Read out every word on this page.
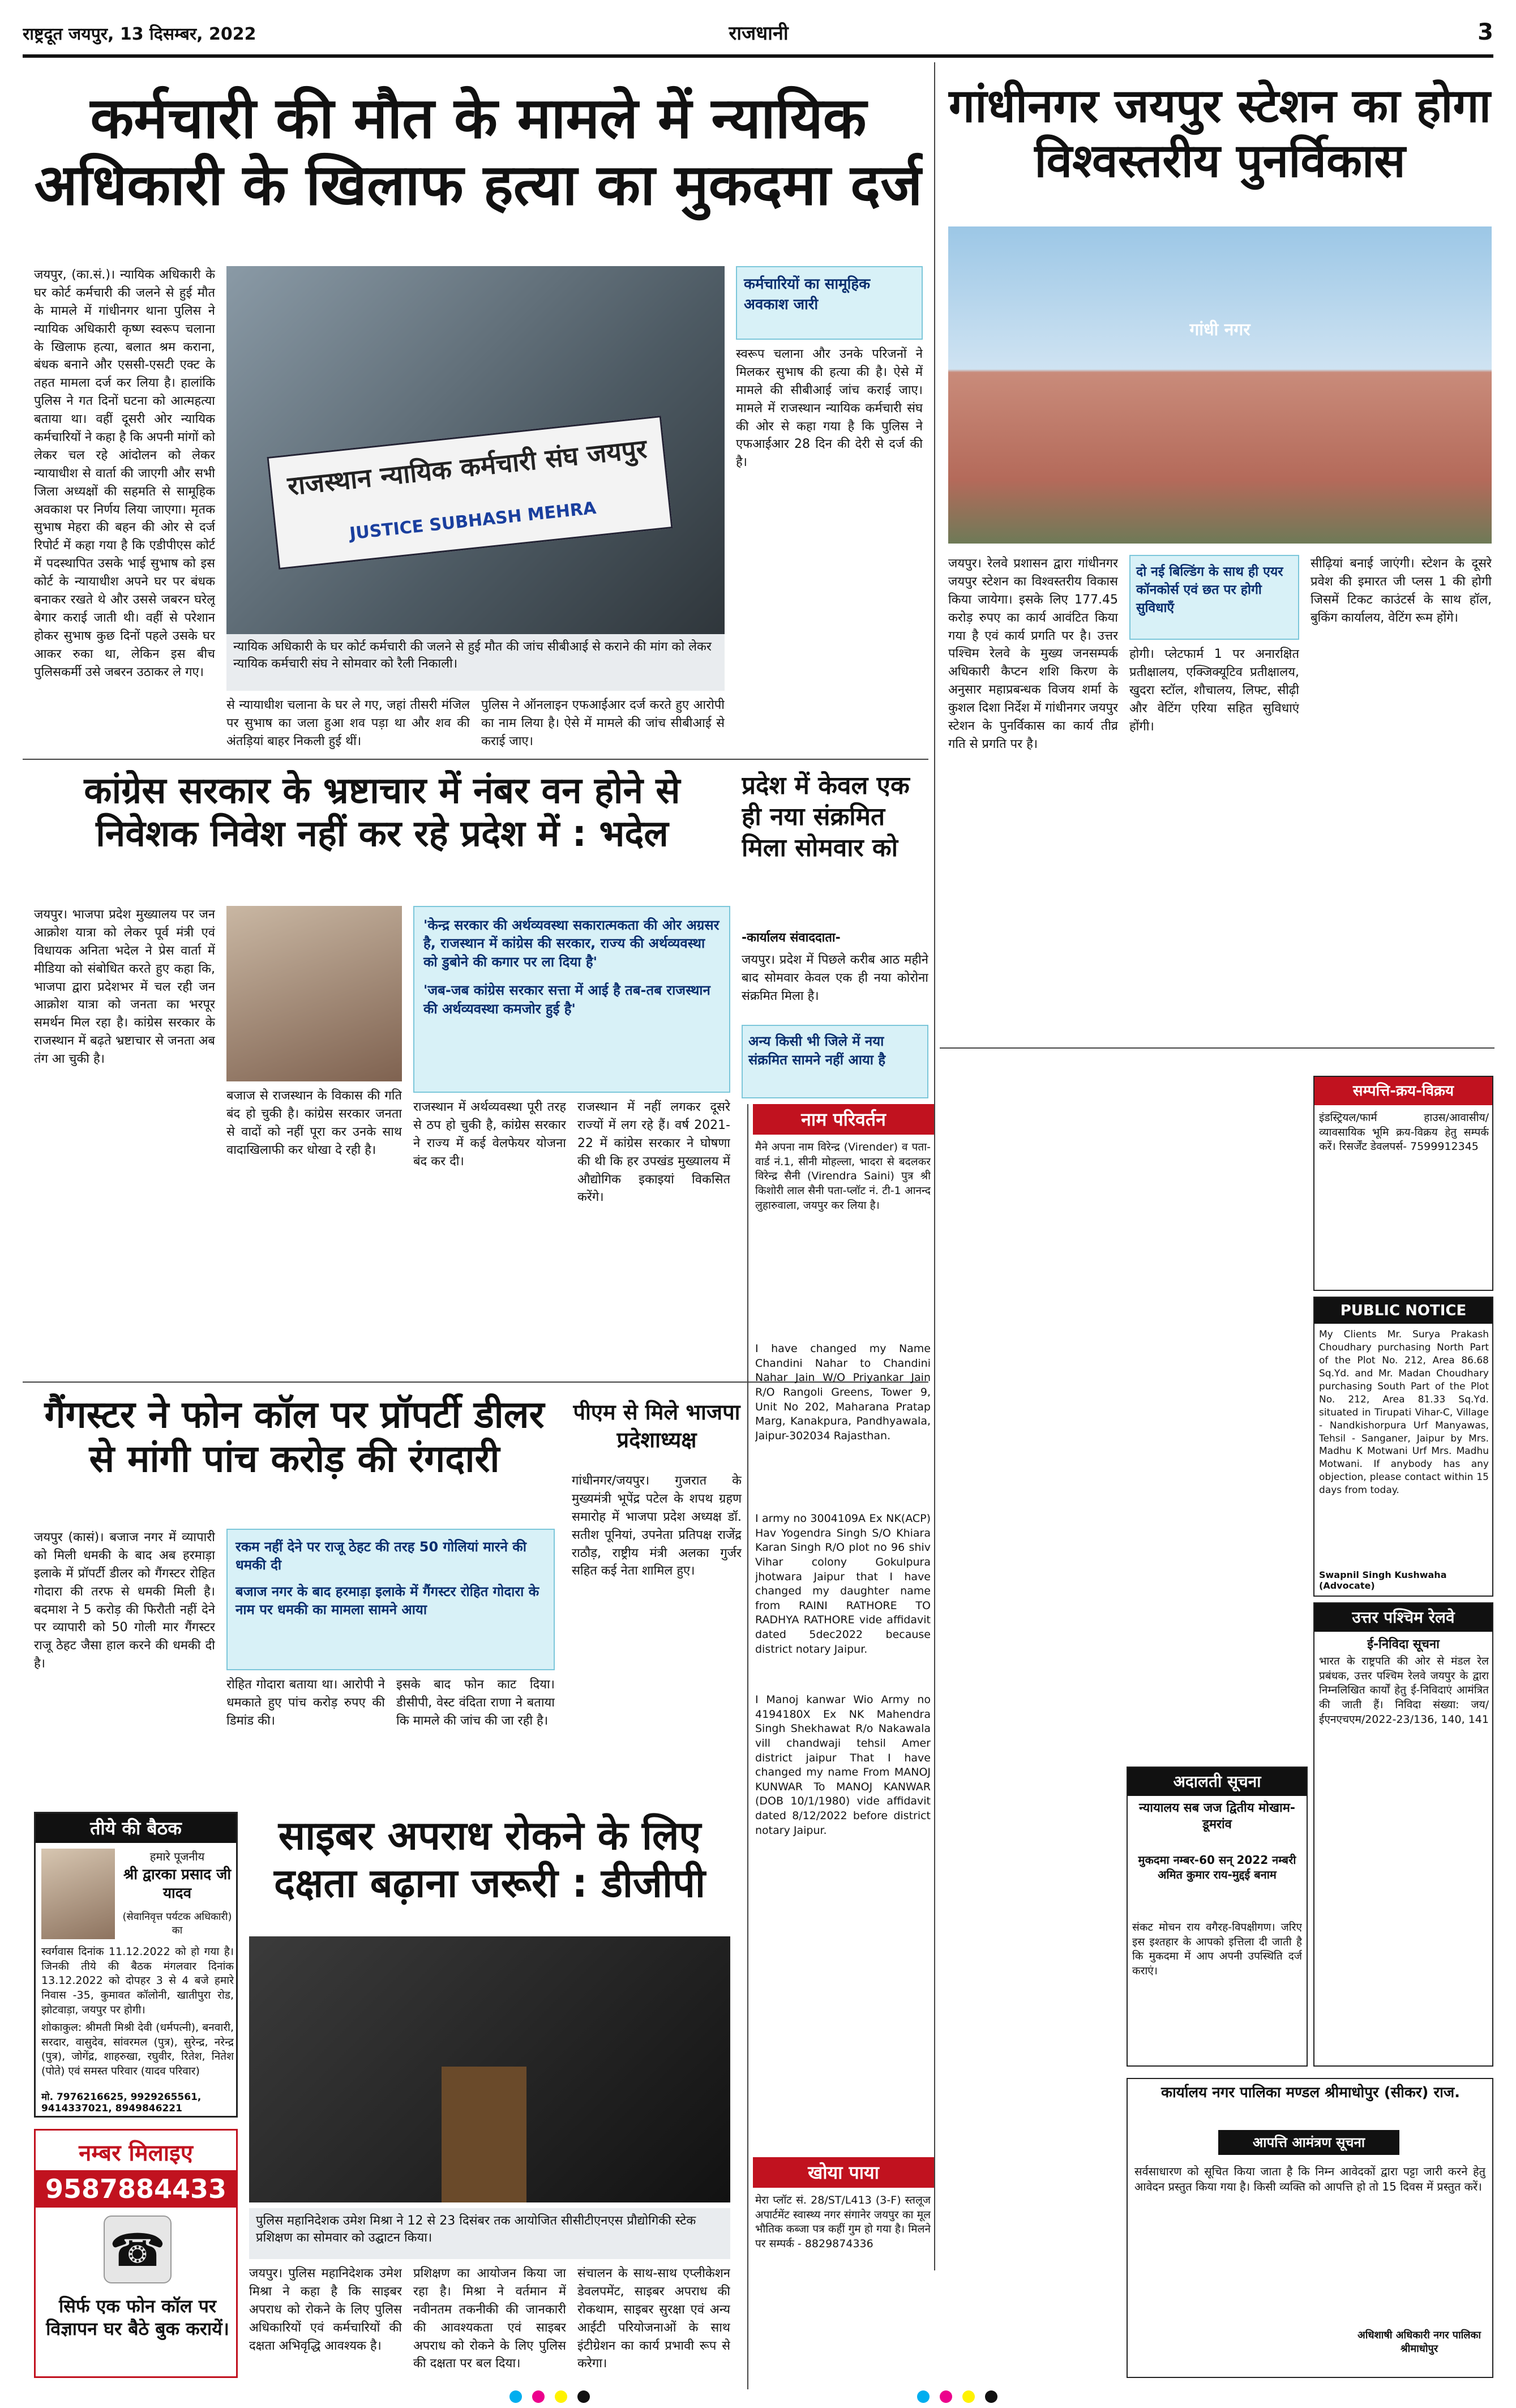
राष्ट्रदूत जयपुर, 13 दिसम्बर, 2022	राजधानी	3
कर्मचारी की मौत के मामले में न्यायिक अधिकारी के खिलाफ हत्या का मुकदमा दर्ज
जयपुर, (का.सं.)। न्यायिक अधिकारी के घर कोर्ट कर्मचारी की जलने से हुई मौत के मामले में गांधीनगर थाना पुलिस ने न्यायिक अधिकारी कृष्ण स्वरूप चलाना के खिलाफ हत्या, बलात श्रम कराना, बंधक बनाने और एससी-एसटी एक्ट के तहत मामला दर्ज कर लिया है। हालांकि पुलिस ने गत दिनों घटना को आत्महत्या बताया था। वहीं दूसरी ओर न्यायिक कर्मचारियों ने कहा है कि अपनी मांगों को लेकर चल रहे आंदोलन को लेकर न्यायाधीश से वार्ता की जाएगी और सभी जिला अध्यक्षों की सहमति से सामूहिक अवकाश पर निर्णय लिया जाएगा। मृतक सुभाष मेहरा की बहन की ओर से दर्ज रिपोर्ट में कहा गया है कि एडीपीएस कोर्ट में पदस्थापित उसके भाई सुभाष को इस कोर्ट के न्यायाधीश अपने घर पर बंधक बनाकर रखते थे और उससे जबरन घरेलू बेगार कराई जाती थी। वहीं से परेशान होकर सुभाष कुछ दिनों पहले उसके घर आकर रुका था, लेकिन इस बीच पुलिसकर्मी उसे जबरन उठाकर ले गए।
राजस्थान न्यायिक कर्मचारी संघ जयपुर
JUSTICE SUBHASH MEHRA
न्यायिक अधिकारी के घर कोर्ट कर्मचारी की जलने से हुई मौत की जांच सीबीआई से कराने की मांग को लेकर न्यायिक कर्मचारी संघ ने सोमवार को रैली निकाली।
कर्मचारियों का सामूहिक अवकाश जारी
स्वरूप चलाना और उनके परिजनों ने मिलकर सुभाष की हत्या की है। ऐसे में मामले की सीबीआई जांच कराई जाए। मामले में राजस्थान न्यायिक कर्मचारी संघ की ओर से कहा गया है कि पुलिस ने एफआईआर 28 दिन की देरी से दर्ज की है।
से न्यायाधीश चलाना के घर ले गए, जहां तीसरी मंजिल पर सुभाष का जला हुआ शव पड़ा था और शव की अंतड़ियां बाहर निकली हुई थीं।
पुलिस ने ऑनलाइन एफआईआर दर्ज करते हुए आरोपी का नाम लिया है। ऐसे में मामले की जांच सीबीआई से कराई जाए।
गांधीनगर जयपुर स्टेशन का होगा विश्वस्तरीय पुनर्विकास
गांधी नगर
जयपुर। रेलवे प्रशासन द्वारा गांधीनगर जयपुर स्टेशन का विश्वस्तरीय विकास किया जायेगा। इसके लिए 177.45 करोड़ रुपए का कार्य आवंटित किया गया है एवं कार्य प्रगति पर है। उत्तर पश्चिम रेलवे के मुख्य जनसम्पर्क अधिकारी कैप्टन शशि किरण के अनुसार महाप्रबन्धक विजय शर्मा के कुशल दिशा निर्देश में गांधीनगर जयपुर स्टेशन के पुनर्विकास का कार्य तीव्र गति से प्रगति पर है।
दो नई बिल्डिंग के साथ ही एयर कॉनकोर्स एवं छत पर होगी सुविधाएँ
होगी। प्लेटफार्म 1 पर अनारक्षित प्रतीक्षालय, एक्जिक्यूटिव प्रतीक्षालय, खुदरा स्टॉल, शौचालय, लिफ्ट, सीढ़ी और वेटिंग एरिया सहित सुविधाएं होंगी।
सीढ़ियां बनाई जाएंगी। स्टेशन के दूसरे प्रवेश की इमारत जी प्लस 1 की होगी जिसमें टिकट काउंटर्स के साथ हॉल, बुकिंग कार्यालय, वेटिंग रूम होंगे।
कांग्रेस सरकार के भ्रष्टाचार में नंबर वन होने से निवेशक निवेश नहीं कर रहे प्रदेश में : भदेल
जयपुर। भाजपा प्रदेश मुख्यालय पर जन आक्रोश यात्रा को लेकर पूर्व मंत्री एवं विधायक अनिता भदेल ने प्रेस वार्ता में मीडिया को संबोधित करते हुए कहा कि, भाजपा द्वारा प्रदेशभर में चल रही जन आक्रोश यात्रा को जनता का भरपूर समर्थन मिल रहा है। कांग्रेस सरकार के राजस्थान में बढ़ते भ्रष्टाचार से जनता अब तंग आ चुकी है।
बजाज से राजस्थान के विकास की गति बंद हो चुकी है। कांग्रेस सरकार जनता से वादों को नहीं पूरा कर उनके साथ वादाखिलाफी कर धोखा दे रही है।
'केन्द्र सरकार की अर्थव्यवस्था सकारात्मकता की ओर अग्रसर है, राजस्थान में कांग्रेस की सरकार, राज्य की अर्थव्यवस्था को डुबोने की कगार पर ला दिया है'
'जब-जब कांग्रेस सरकार सत्ता में आई है तब-तब राजस्थान की अर्थव्यवस्था कमजोर हुई है'
राजस्थान में अर्थव्यवस्था पूरी तरह से ठप हो चुकी है, कांग्रेस सरकार ने राज्य में कई वेलफेयर योजना बंद कर दी।
राजस्थान में नहीं लगकर दूसरे राज्यों में लग रहे हैं। वर्ष 2021-22 में कांग्रेस सरकार ने घोषणा की थी कि हर उपखंड मुख्यालय में औद्योगिक इकाइयां विकसित करेंगे।
प्रदेश में केवल एक ही नया संक्रमित मिला सोमवार को
-कार्यालय संवाददाता-
जयपुर। प्रदेश में पिछले करीब आठ महीने बाद सोमवार केवल एक ही नया कोरोना संक्रमित मिला है।
अन्य किसी भी जिले में नया संक्रमित सामने नहीं आया है
गैंगस्टर ने फोन कॉल पर प्रॉपर्टी डीलर से मांगी पांच करोड़ की रंगदारी
जयपुर (कासं)। बजाज नगर में व्यापारी को मिली धमकी के बाद अब हरमाड़ा इलाके में प्रॉपर्टी डीलर को गैंगस्टर रोहित गोदारा की तरफ से धमकी मिली है। बदमाश ने 5 करोड़ की फिरौती नहीं देने पर व्यापारी को 50 गोली मार गैंगस्टर राजू ठेहट जैसा हाल करने की धमकी दी है।
रकम नहीं देने पर राजू ठेहट की तरह 50 गोलियां मारने की धमकी दी
बजाज नगर के बाद हरमाड़ा इलाके में गैंगस्टर रोहित गोदारा के नाम पर धमकी का मामला सामने आया
रोहित गोदारा बताया था। आरोपी ने धमकाते हुए पांच करोड़ रुपए की डिमांड की।
इसके बाद फोन काट दिया। डीसीपी, वेस्ट वंदिता राणा ने बताया कि मामले की जांच की जा रही है।
पीएम से मिले भाजपा प्रदेशाध्यक्ष
गांधीनगर/जयपुर। गुजरात के मुख्यमंत्री भूपेंद्र पटेल के शपथ ग्रहण समारोह में भाजपा प्रदेश अध्यक्ष डॉ. सतीश पूनियां, उपनेता प्रतिपक्ष राजेंद्र राठौड़, राष्ट्रीय मंत्री अलका गुर्जर सहित कई नेता शामिल हुए।
साइबर अपराध रोकने के लिए दक्षता बढ़ाना जरूरी : डीजीपी
पुलिस महानिदेशक उमेश मिश्रा ने 12 से 23 दिसंबर तक आयोजित सीसीटीएनएस प्रौद्योगिकी स्टेक प्रशिक्षण का सोमवार को उद्घाटन किया।
जयपुर। पुलिस महानिदेशक उमेश मिश्रा ने कहा है कि साइबर अपराध को रोकने के लिए पुलिस अधिकारियों एवं कर्मचारियों की दक्षता अभिवृद्धि आवश्यक है।
प्रशिक्षण का आयोजन किया जा रहा है। मिश्रा ने वर्तमान में नवीनतम तकनीकी की जानकारी की आवश्यकता एवं साइबर अपराध को रोकने के लिए पुलिस की दक्षता पर बल दिया।
संचालन के साथ-साथ एप्लीकेशन डेवलपमेंट, साइबर अपराध की रोकथाम, साइबर सुरक्षा एवं अन्य आईटी परियोजनाओं के साथ इंटीग्रेशन का कार्य प्रभावी रूप से करेगा।
तीये की बैठक
हमारे पूजनीय
श्री द्वारका प्रसाद जी यादव
(सेवानिवृत्त पर्यटक अधिकारी) का
स्वर्गवास दिनांक 11.12.2022 को हो गया है। जिनकी तीये की बैठक मंगलवार दिनांक 13.12.2022 को दोपहर 3 से 4 बजे हमारे निवास -35, कुमावत कॉलोनी, खातीपुरा रोड, झोटवाड़ा, जयपुर पर होगी।
शोकाकुल: श्रीमती मिश्री देवी (धर्मपत्नी), बनवारी, सरदार, वासुदेव, सांवरमल (पुत्र), सुरेन्द्र, नरेन्द्र (पुत्र), जोगेंद्र, शाहरुखा, रघुवीर, रितेश, नितेश (पोते) एवं समस्त परिवार (यादव परिवार)
मो. 7976216625, 9929265561, 9414337021, 8949846221
नम्बर मिलाइए
9587884433
☎
सिर्फ एक फोन कॉल पर विज्ञापन घर बैठे बुक करायें।
नाम परिवर्तन
मैने अपना नाम विरेन्द्र (Virender) व पता-वार्ड नं.1, सीनी मोहल्ला, भादरा से बदलकर विरेन्द्र सैनी (Virendra Saini) पुत्र श्री किशोरी लाल सैनी पता-प्लॉट नं. टी-1 आनन्द लुहारुवाला, जयपुर कर लिया है।
I have changed my Name Chandini Nahar to Chandini Nahar Jain W/O Priyankar Jain R/O Rangoli Greens, Tower 9, Unit No 202, Maharana Pratap Marg, Kanakpura, Pandhyawala, Jaipur-302034 Rajasthan.
I army no 3004109A Ex NK(ACP) Hav Yogendra Singh S/O Khiara Karan Singh R/O plot no 96 shiv Vihar colony Gokulpura jhotwara Jaipur that I have changed my daughter name from RAINI RATHORE TO RADHYA RATHORE vide affidavit dated 5dec2022 because district notary Jaipur.
I Manoj kanwar Wio Army no 4194180X Ex NK Mahendra Singh Shekhawat R/o Nakawala vill chandwaji tehsil Amer district jaipur That I have changed my name From MANOJ KUNWAR To MANOJ KANWAR (DOB 10/1/1980) vide affidavit dated 8/12/2022 before district notary Jaipur.
खोया पाया
मेरा प्लॉट सं. 28/ST/L413 (3-F) स्तलूज अपार्टमेंट स्वास्थ्य नगर संगानेर जयपुर का मूल भौतिक कब्जा पत्र कहीं गुम हो गया है। मिलने पर सम्पर्क - 8829874336
सम्पत्ति-क्रय-विक्रय
इंडस्ट्रियल/फार्म हाउस/आवासीय/व्यावसायिक भूमि क्रय-विक्रय हेतु सम्पर्क करें। रिसर्जेंट डेवलपर्स- 7599912345
PUBLIC NOTICE
My Clients Mr. Surya Prakash Choudhary purchasing North Part of the Plot No. 212, Area 86.68 Sq.Yd. and Mr. Madan Choudhary purchasing South Part of the Plot No. 212, Area 81.33 Sq.Yd. situated in Tirupati Vihar-C, Village - Nandkishorpura Urf Manyawas, Tehsil - Sanganer, Jaipur by Mrs. Madhu K Motwani Urf Mrs. Madhu Motwani. If anybody has any objection, please contact within 15 days from today.
Swapnil Singh Kushwaha (Advocate)
उत्तर पश्चिम रेलवे
ई-निविदा सूचना
भारत के राष्ट्रपति की ओर से मंडल रेल प्रबंधक, उत्तर पश्चिम रेलवे जयपुर के द्वारा निम्नलिखित कार्यों हेतु ई-निविदाएं आमंत्रित की जाती हैं। निविदा संख्या: जय/ईएनएचएम/2022-23/136, 140, 141
अदालती सूचना
न्यायालय सब जज द्वितीय मोखाम-डूमरांव
मुकदमा नम्बर-60 सन् 2022 नम्बरी अमित कुमार राय-मुद्दई बनाम
संकट मोचन राय वगैरह-विपक्षीगण। जरिए इस इश्तहार के आपको इत्तिला दी जाती है कि मुकदमा में आप अपनी उपस्थिति दर्ज कराएं।
कार्यालय नगर पालिका मण्डल श्रीमाधोपुर (सीकर) राज.
आपत्ति आमंत्रण सूचना
सर्वसाधारण को सूचित किया जाता है कि निम्न आवेदकों द्वारा पट्टा जारी करने हेतु आवेदन प्रस्तुत किया गया है। किसी व्यक्ति को आपत्ति हो तो 15 दिवस में प्रस्तुत करें।
अधिशाषी अधिकारी नगर पालिका श्रीमाधोपुर
